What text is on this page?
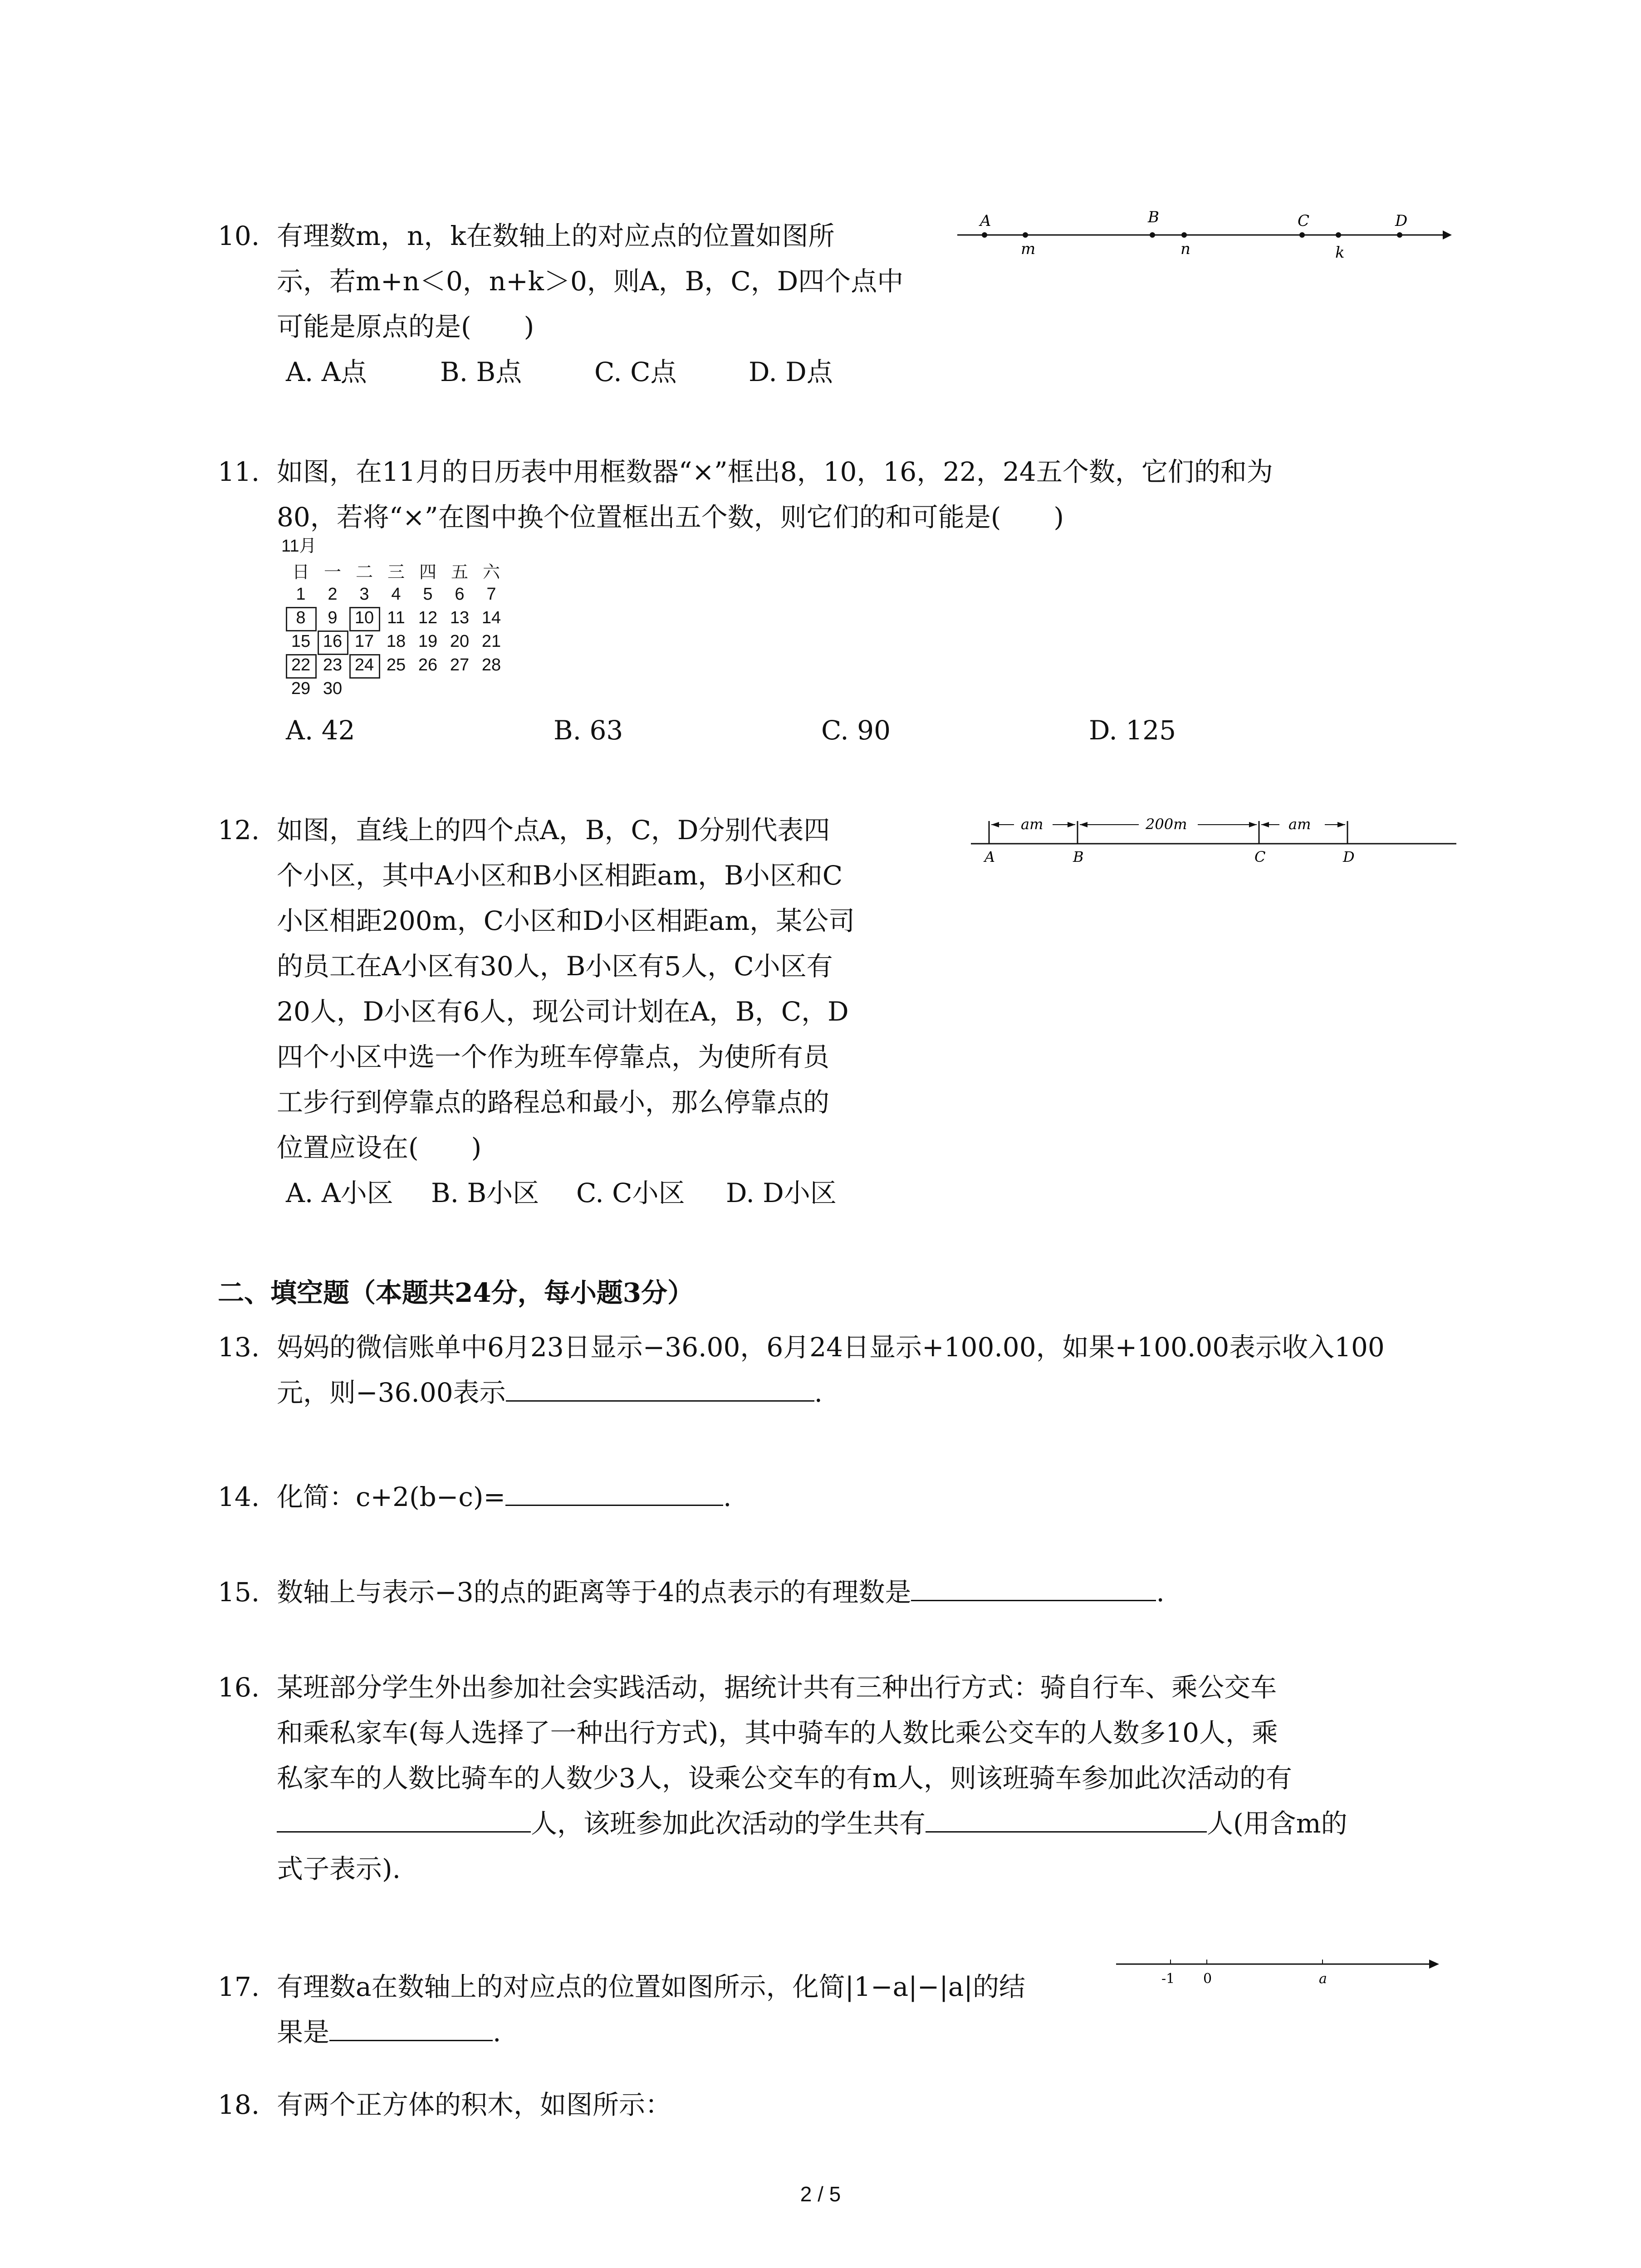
10. 有理数m，n，k在数轴上的对应点的位置如图所
示，若m+n＜0，n+k＞0，则A，B，C，D四个点中
可能是原点的是(　　)
A. A点	B. B点	C. C点	D. D点
A	B	C	D
m	n	k
11. 如图，在11月的日历表中用框数器“×”框出8，10，16，22，24五个数，它们的和为
80，若将“×”在图中换个位置框出五个数，则它们的和可能是(　　)
11月
日 一 二 三 四 五 六
1	2	3	4	5	6	7
8	9	10 11 12 13 14
15 16 17 18 19 20 21
22 23 24 25 26 27 28
29 30
A. 42	B. 63	C. 90	D. 125
12. 如图，直线上的四个点A，B，C，D分别代表四
个小区，其中A小区和B小区相距am，B小区和C
小区相距200m，C小区和D小区相距am，某公司
的员工在A小区有30人，B小区有5人，C小区有
20人，D小区有6人，现公司计划在A，B，C，D
四个小区中选一个作为班车停靠点，为使所有员
工步行到停靠点的路程总和最小，那么停靠点的
位置应设在(　　)
A. A小区 B. B小区 C. C小区 D. D小区
am	200m	am
A	B	C	D
二、填空题（本题共24分，每小题3分）
13. 妈妈的微信账单中6月23日显示−36.00，6月24日显示+100.00，如果+100.00表示收入100
元，则−36.00表示	.
14. 化简：c+2(b−c)=	.
15. 数轴上与表示−3的点的距离等于4的点表示的有理数是	.
16. 某班部分学生外出参加社会实践活动，据统计共有三种出行方式：骑自行车、乘公交车
和乘私家车(每人选择了一种出行方式)，其中骑车的人数比乘公交车的人数多10人，乘
私家车的人数比骑车的人数少3人，设乘公交车的有m人，则该班骑车参加此次活动的有
人，该班参加此次活动的学生共有	人(用含m的
式子表示).
17. 有理数a在数轴上的对应点的位置如图所示，化简|1−a|−|a|的结
果是	.
-1 0	a
18. 有两个正方体的积木，如图所示：
2 / 5
